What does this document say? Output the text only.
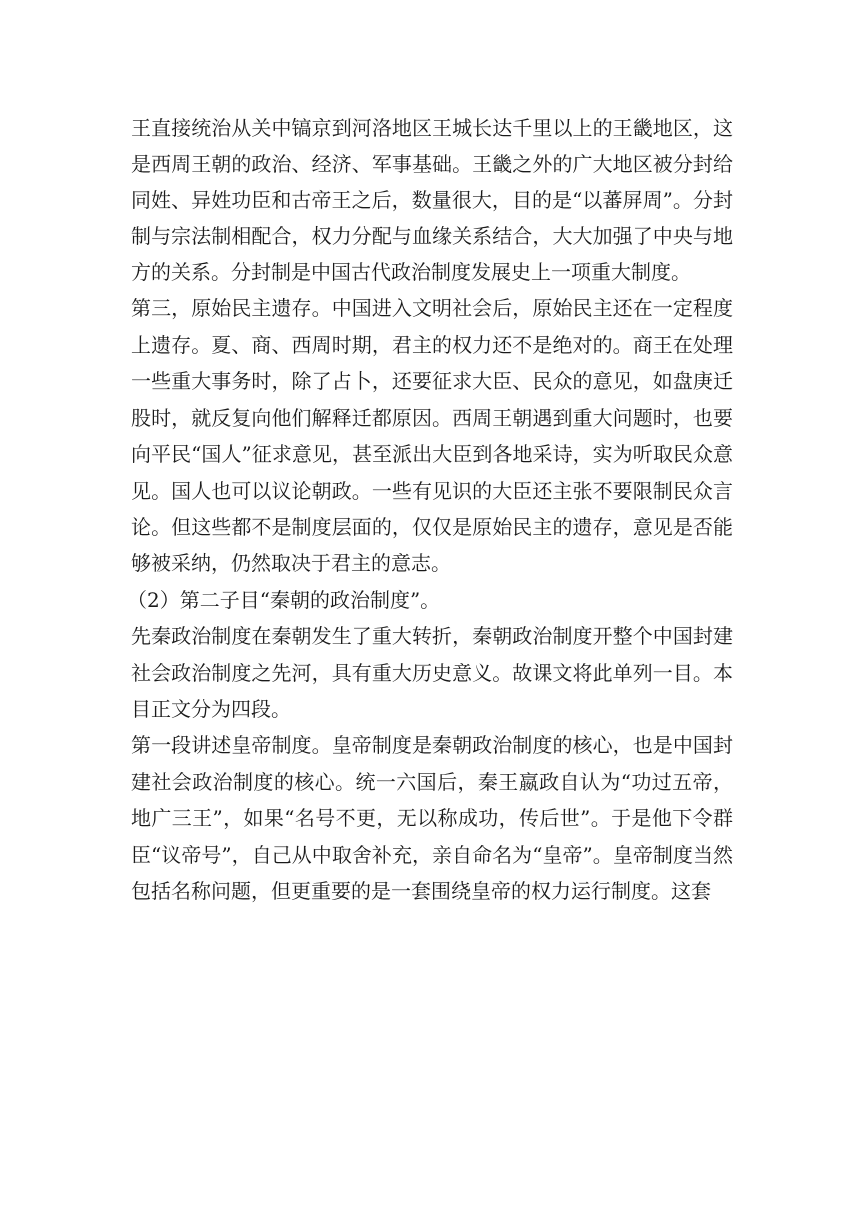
王直接统治从关中镐京到河洛地区王城长达千里以上的王畿地区，这是西周王朝的政治、经济、军事基础。王畿之外的广大地区被分封给同姓、异姓功臣和古帝王之后，数量很大，目的是“以蕃屏周”。分封制与宗法制相配合，权力分配与血缘关系结合，大大加强了中央与地方的关系。分封制是中国古代政治制度发展史上一项重大制度。

第三，原始民主遗存。中国进入文明社会后，原始民主还在一定程度上遗存。夏、商、西周时期，君主的权力还不是绝对的。商王在处理一些重大事务时，除了占卜，还要征求大臣、民众的意见，如盘庚迁股时，就反复向他们解释迁都原因。西周王朝遇到重大问题时，也要向平民“国人”征求意见，甚至派出大臣到各地采诗，实为听取民众意见。国人也可以议论朝政。一些有见识的大臣还主张不要限制民众言论。但这些都不是制度层面的，仅仅是原始民主的遗存，意见是否能够被采纳，仍然取决于君主的意志。

（2）第二子目“秦朝的政治制度”。

先秦政治制度在秦朝发生了重大转折，秦朝政治制度开整个中国封建社会政治制度之先河，具有重大历史意义。故课文将此单列一目。本目正文分为四段。

第一段讲述皇帝制度。皇帝制度是秦朝政治制度的核心，也是中国封建社会政治制度的核心。统一六国后，秦王嬴政自认为“功过五帝，地广三王”，如果“名号不更，无以称成功，传后世”。于是他下令群臣“议帝号”，自己从中取舍补充，亲自命名为“皇帝”。皇帝制度当然包括名称问题，但更重要的是一套围绕皇帝的权力运行制度。这套
